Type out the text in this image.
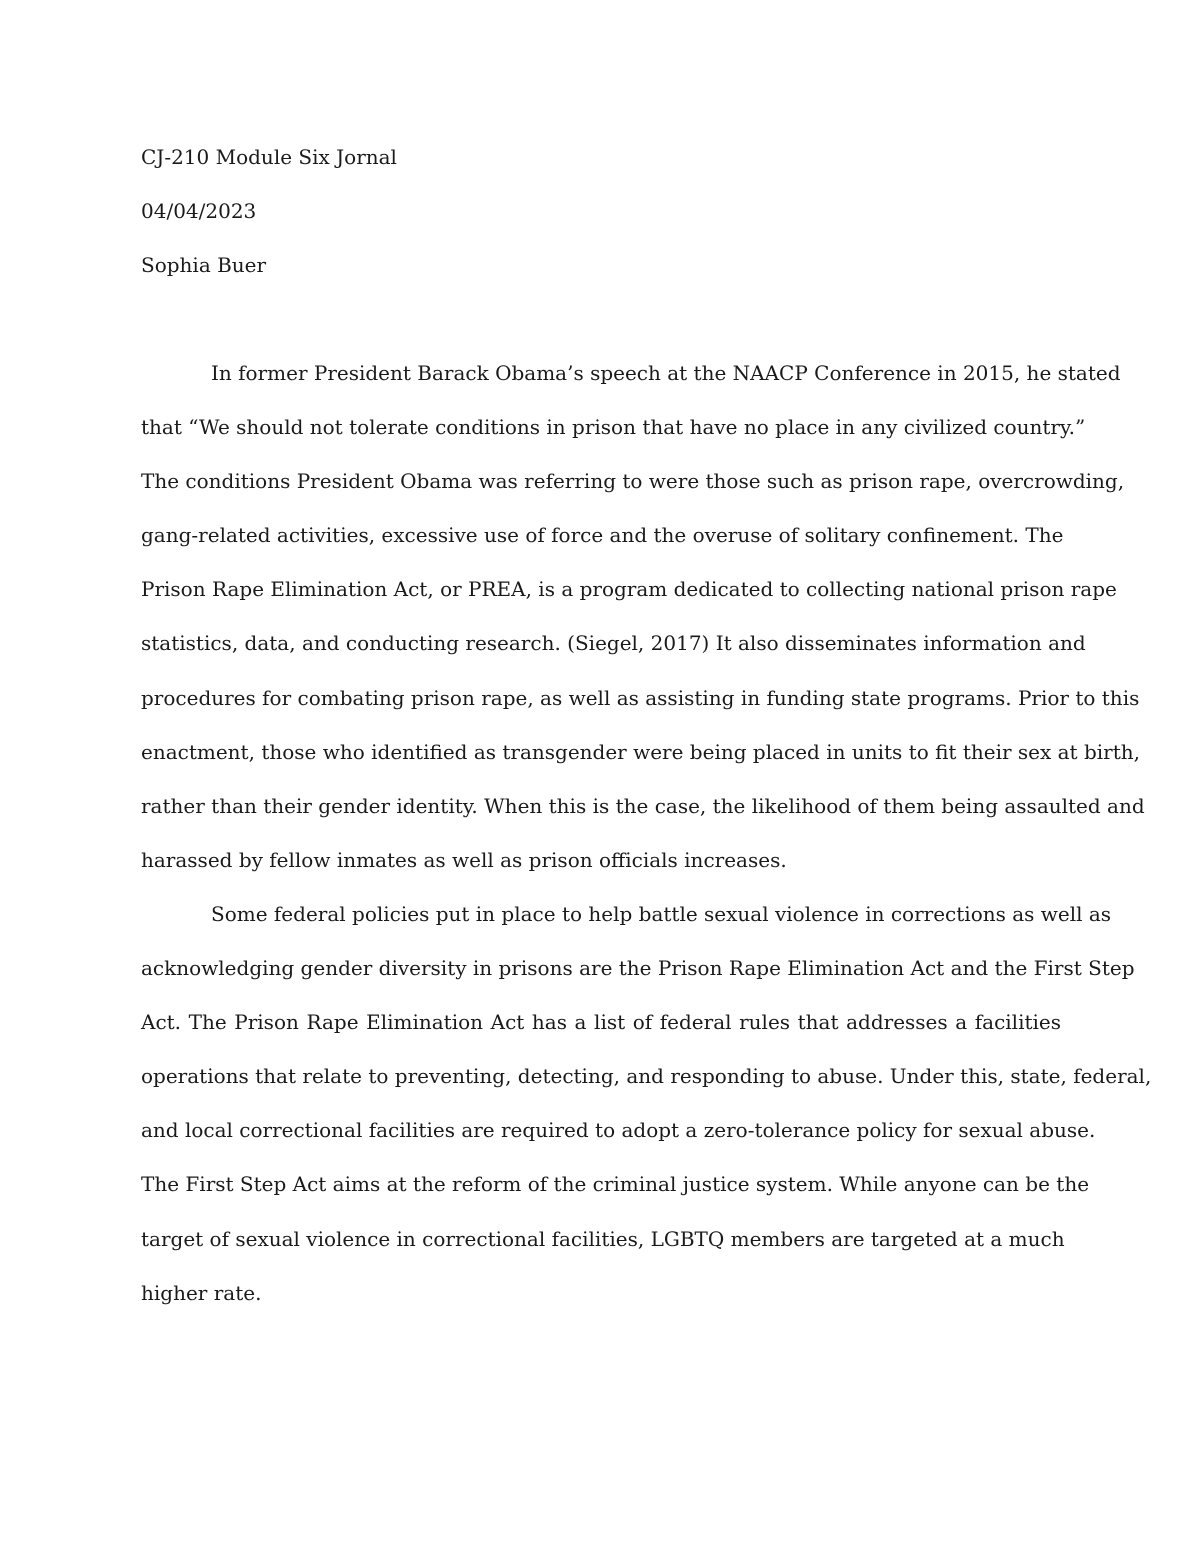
CJ-210 Module Six Jornal
04/04/2023
Sophia Buer
In former President Barack Obama’s speech at the NAACP Conference in 2015, he stated
that “We should not tolerate conditions in prison that have no place in any civilized country.”
The conditions President Obama was referring to were those such as prison rape, overcrowding,
gang-related activities, excessive use of force and the overuse of solitary confinement. The
Prison Rape Elimination Act, or PREA, is a program dedicated to collecting national prison rape
statistics, data, and conducting research. (Siegel, 2017) It also disseminates information and
procedures for combating prison rape, as well as assisting in funding state programs. Prior to this
enactment, those who identified as transgender were being placed in units to fit their sex at birth,
rather than their gender identity. When this is the case, the likelihood of them being assaulted and
harassed by fellow inmates as well as prison officials increases.
Some federal policies put in place to help battle sexual violence in corrections as well as
acknowledging gender diversity in prisons are the Prison Rape Elimination Act and the First Step
Act. The Prison Rape Elimination Act has a list of federal rules that addresses a facilities
operations that relate to preventing, detecting, and responding to abuse. Under this, state, federal,
and local correctional facilities are required to adopt a zero-tolerance policy for sexual abuse.
The First Step Act aims at the reform of the criminal justice system. While anyone can be the
target of sexual violence in correctional facilities, LGBTQ members are targeted at a much
higher rate.
